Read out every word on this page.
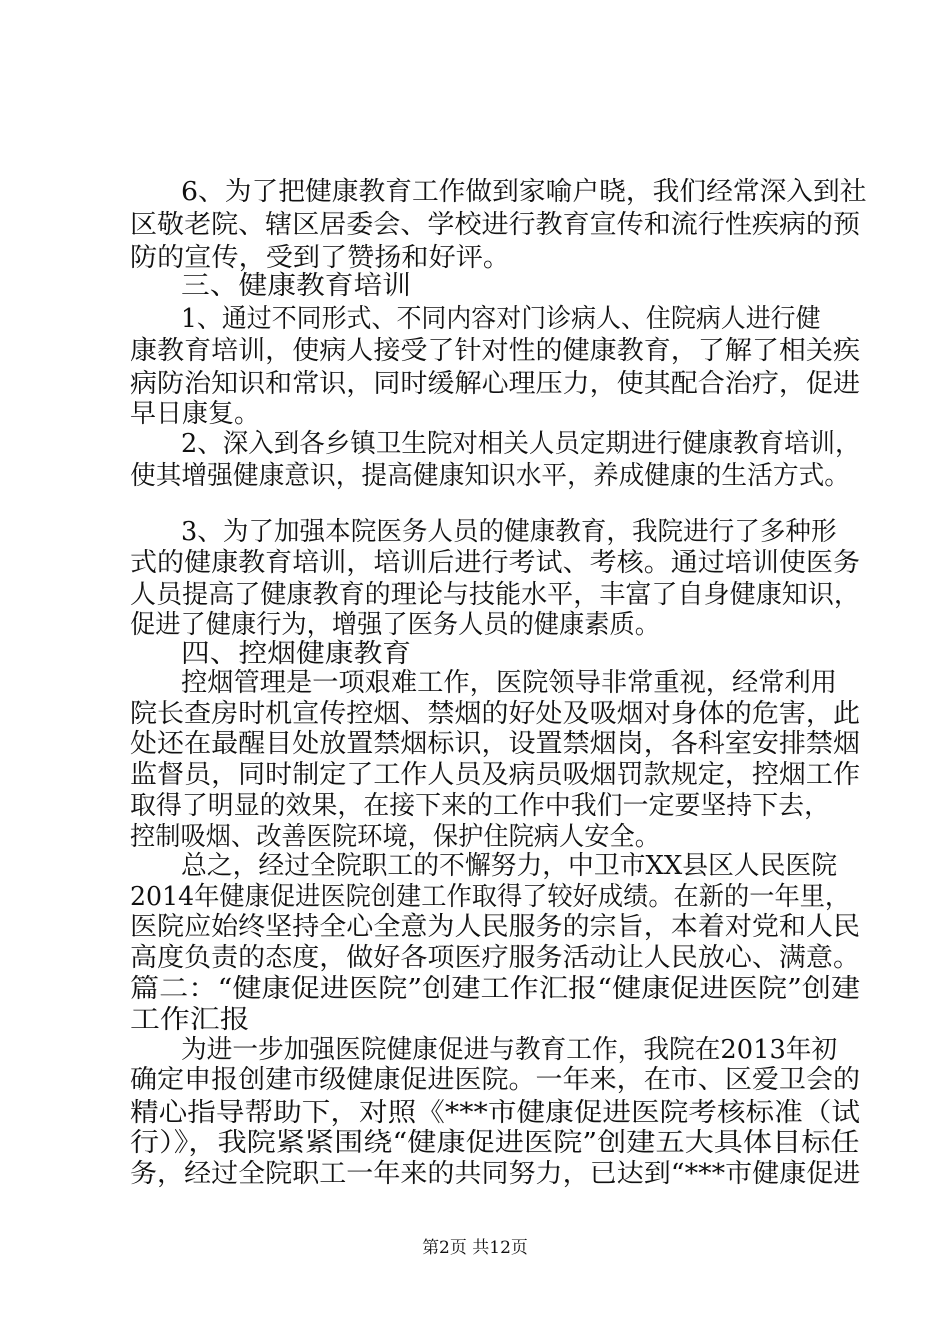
6、为了把健康教育工作做到家喻户晓，我们经常深入到社
区敬老院、辖区居委会、学校进行教育宣传和流行性疾病的预
防的宣传，受到了赞扬和好评。
三、健康教育培训
1、通过不同形式、不同内容对门诊病人、住院病人进行健
康教育培训，使病人接受了针对性的健康教育，了解了相关疾
病防治知识和常识，同时缓解心理压力，使其配合治疗，促进
早日康复。
2、深入到各乡镇卫生院对相关人员定期进行健康教育培训，
使其增强健康意识，提高健康知识水平，养成健康的生活方式。
3、为了加强本院医务人员的健康教育，我院进行了多种形
式的健康教育培训，培训后进行考试、考核。通过培训使医务
人员提高了健康教育的理论与技能水平，丰富了自身健康知识，
促进了健康行为，增强了医务人员的健康素质。
四、控烟健康教育
控烟管理是一项艰难工作，医院领导非常重视，经常利用
院长查房时机宣传控烟、禁烟的好处及吸烟对身体的危害，此
处还在最醒目处放置禁烟标识，设置禁烟岗，各科室安排禁烟
监督员，同时制定了工作人员及病员吸烟罚款规定，控烟工作
取得了明显的效果，在接下来的工作中我们一定要坚持下去，
控制吸烟、改善医院环境，保护住院病人安全。
总之，经过全院职工的不懈努力，中卫市XX县区人民医院
2014年健康促进医院创建工作取得了较好成绩。在新的一年里，
医院应始终坚持全心全意为人民服务的宗旨，本着对党和人民
高度负责的态度，做好各项医疗服务活动让人民放心、满意。
篇二：“健康促进医院”创建工作汇报“健康促进医院”创建
工作汇报
为进一步加强医院健康促进与教育工作，我院在2013年初
确定申报创建市级健康促进医院。一年来，在市、区爱卫会的
精心指导帮助下，对照《***市健康促进医院考核标准（试
行）》，我院紧紧围绕“健康促进医院”创建五大具体目标任
务，经过全院职工一年来的共同努力，已达到“***市健康促进
第2页 共12页
